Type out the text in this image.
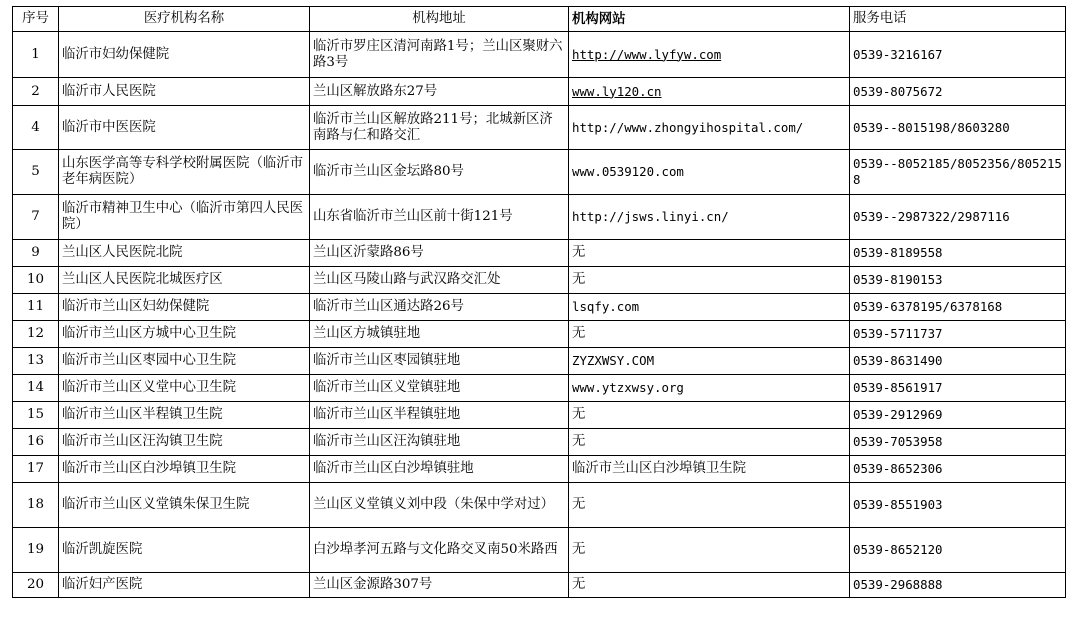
序号	医疗机构名称	机构地址	机构网站	服务电话
1	临沂市妇幼保健院	临沂市罗庄区清河南路1号；兰山区聚财六路3号	http://www.lyfyw.com	0539-3216167
2	临沂市人民医院	兰山区解放路东27号	www.ly120.cn	0539-8075672
4	临沂市中医医院	临沂市兰山区解放路211号；北城新区济南路与仁和路交汇	http://www.zhongyihospital.com/	0539--8015198/8603280
5	山东医学高等专科学校附属医院（临沂市老年病医院）	临沂市兰山区金坛路80号	www.0539120.com	0539--8052185/8052356/8052158
7	临沂市精神卫生中心（临沂市第四人民医院）	山东省临沂市兰山区前十街121号	http://jsws.linyi.cn/	0539--2987322/2987116
9	兰山区人民医院北院	兰山区沂蒙路86号	无	0539-8189558
10	兰山区人民医院北城医疗区	兰山区马陵山路与武汉路交汇处	无	0539-8190153
11	临沂市兰山区妇幼保健院	临沂市兰山区通达路26号	lsqfy.com	0539-6378195/6378168
12	临沂市兰山区方城中心卫生院	兰山区方城镇驻地	无	0539-5711737
13	临沂市兰山区枣园中心卫生院	临沂市兰山区枣园镇驻地	ZYZXWSY.COM	0539-8631490
14	临沂市兰山区义堂中心卫生院	临沂市兰山区义堂镇驻地	www.ytzxwsy.org	0539-8561917
15	临沂市兰山区半程镇卫生院	临沂市兰山区半程镇驻地	无	0539-2912969
16	临沂市兰山区汪沟镇卫生院	临沂市兰山区汪沟镇驻地	无	0539-7053958
17	临沂市兰山区白沙埠镇卫生院	临沂市兰山区白沙埠镇驻地	临沂市兰山区白沙埠镇卫生院	0539-8652306
18	临沂市兰山区义堂镇朱保卫生院	兰山区义堂镇义刘中段（朱保中学对过）	无	0539-8551903
19	临沂凯旋医院	白沙埠孝河五路与文化路交叉南50米路西	无	0539-8652120
20	临沂妇产医院	兰山区金源路307号	无	0539-2968888
